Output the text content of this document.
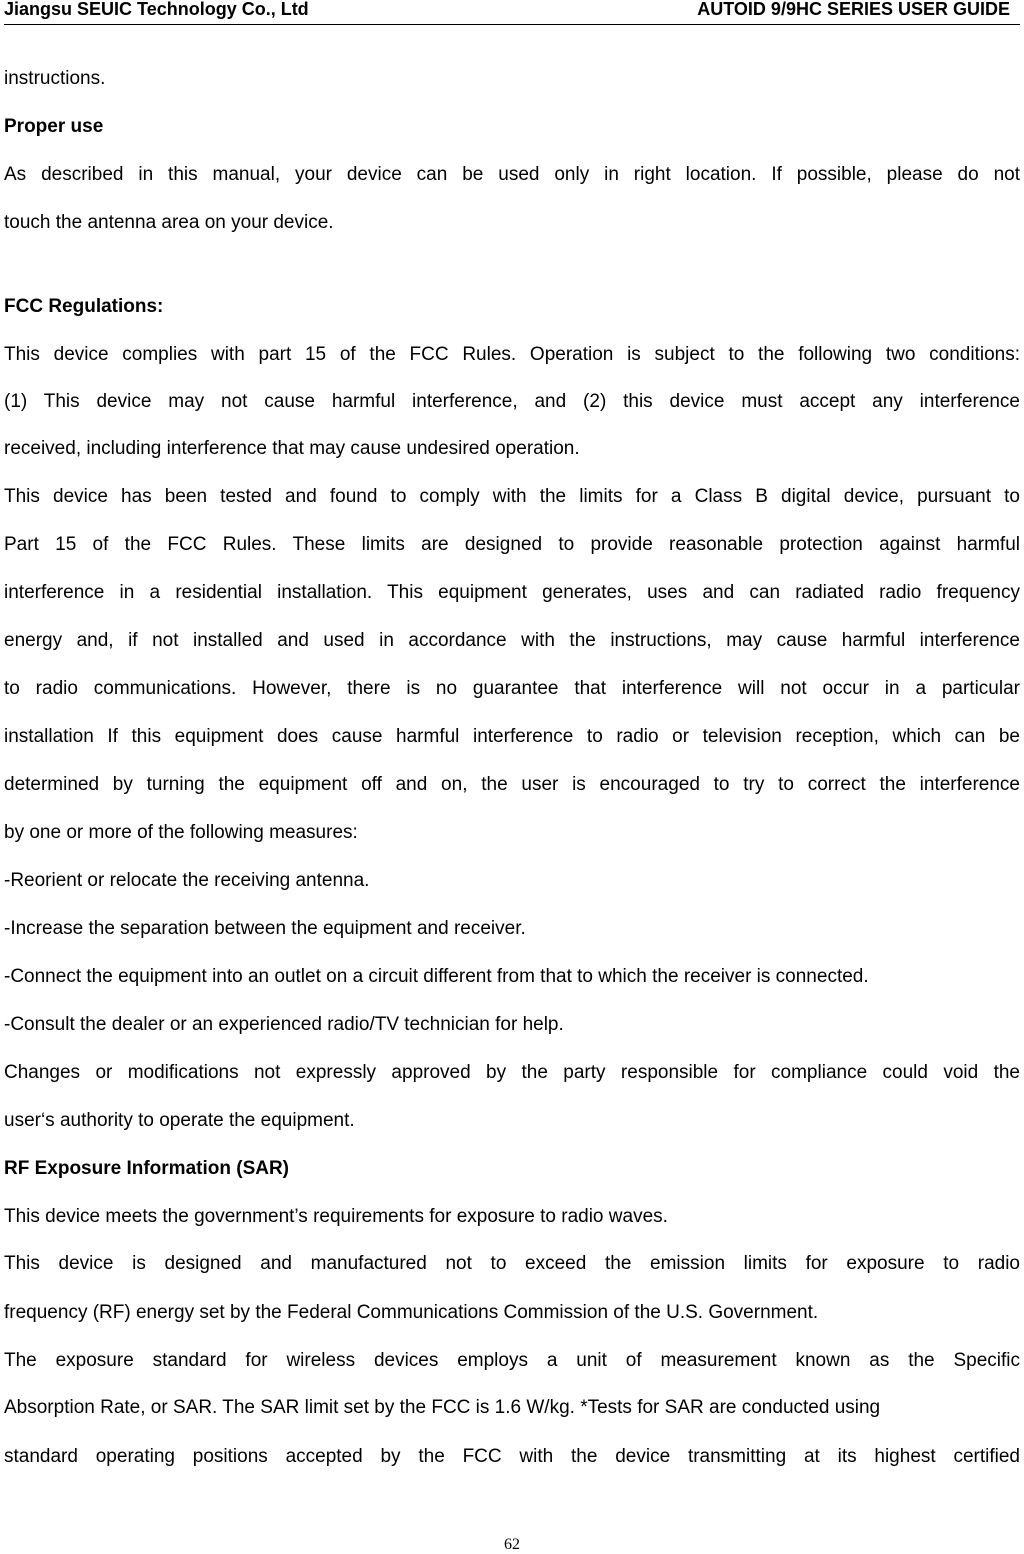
Jiangsu SEUIC Technology Co., Ltd	AUTOID 9/9HC SERIES USER GUIDE
instructions.
Proper use
As described in this manual, your device can be used only in right location. If possible, please do not
touch the antenna area on your device.
FCC Regulations:
This device complies with part 15 of the FCC Rules. Operation is subject to the following two conditions:
(1) This device may not cause harmful interference, and (2) this device must accept any interference
received, including interference that may cause undesired operation.
This device has been tested and found to comply with the limits for a Class B digital device, pursuant to
Part 15 of the FCC Rules. These limits are designed to provide reasonable protection against harmful
interference in a residential installation. This equipment generates, uses and can radiated radio frequency
energy and, if not installed and used in accordance with the instructions, may cause harmful interference
to radio communications. However, there is no guarantee that interference will not occur in a particular
installation If this equipment does cause harmful interference to radio or television reception, which can be
determined by turning the equipment off and on, the user is encouraged to try to correct the interference
by one or more of the following measures:
-Reorient or relocate the receiving antenna.
-Increase the separation between the equipment and receiver.
-Connect the equipment into an outlet on a circuit different from that to which the receiver is connected.
-Consult the dealer or an experienced radio/TV technician for help.
Changes or modifications not expressly approved by the party responsible for compliance could void the
user‘s authority to operate the equipment.
RF Exposure Information (SAR)
This device meets the government’s requirements for exposure to radio waves.
This device is designed and manufactured not to exceed the emission limits for exposure to radio
frequency (RF) energy set by the Federal Communications Commission of the U.S. Government.
The exposure standard for wireless devices employs a unit of measurement known as the Specific
Absorption Rate, or SAR. The SAR limit set by the FCC is 1.6 W/kg. *Tests for SAR are conducted using
standard operating positions accepted by the FCC with the device transmitting at its highest certified
62
